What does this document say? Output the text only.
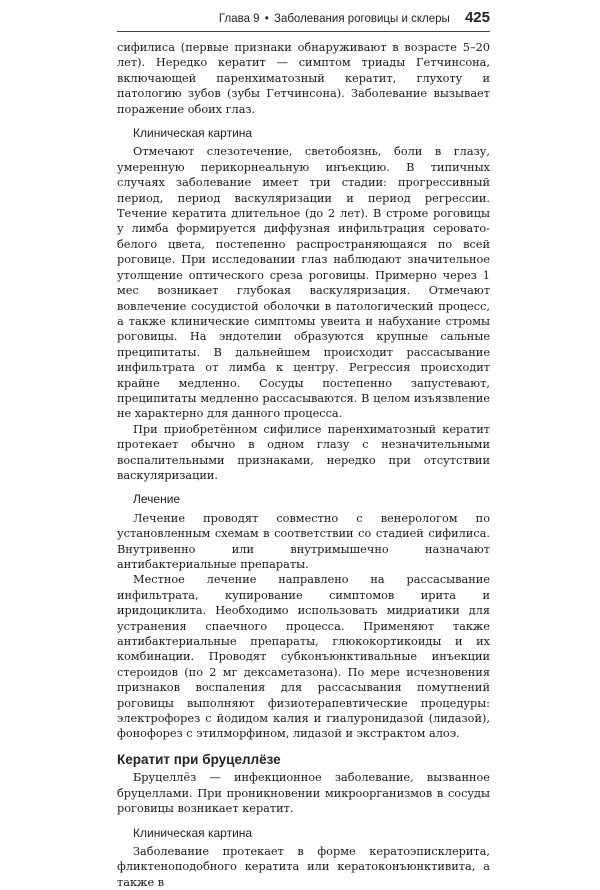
Глава 9 • Заболевания роговицы и склеры 425

сифилиса (первые признаки обнаруживают в возрасте 5–20 лет). Нередко кератит — симптом триады Гетчинсона, включающей паренхиматозный кератит, глухоту и патологию зубов (зубы Гетчинсона). Заболевание вызывает поражение обоих глаз.

Клиническая картина

Отмечают слезотечение, светобоязнь, боли в глазу, умеренную перикорнеальную инъекцию. В типичных случаях заболевание имеет три стадии: прогрессивный период, период васкуляризации и период регрессии. Течение кератита длительное (до 2 лет). В строме роговицы у лимба формируется диффузная инфильтрация серовато-белого цвета, постепенно распространяющаяся по всей роговице. При исследовании глаз наблюдают значительное утолщение оптического среза роговицы. Примерно через 1 мес возникает глубокая васкуляризация. Отмечают вовлечение сосудистой оболочки в патологический процесс, а также клинические симптомы увеита и набухание стромы роговицы. На эндотелии образуются крупные сальные преципитаты. В дальнейшем происходит рассасывание инфильтрата от лимба к центру. Регрессия происходит крайне медленно. Сосуды постепенно запустевают, преципитаты медленно рассасываются. В целом изъязвление не характерно для данного процесса.

При приобретённом сифилисе паренхиматозный кератит протекает обычно в одном глазу с незначительными воспалительными признаками, нередко при отсутствии васкуляризации.

Лечение

Лечение проводят совместно с венерологом по установленным схемам в соответствии со стадией сифилиса. Внутривенно или внутримышечно назначают антибактериальные препараты.

Местное лечение направлено на рассасывание инфильтрата, купирование симптомов ирита и иридоциклита. Необходимо использовать мидриатики для устранения спаечного процесса. Применяют также антибактериальные препараты, глюкокортикоиды и их комбинации. Проводят субконъюнктивальные инъекции стероидов (по 2 мг дексаметазона). По мере исчезновения признаков воспаления для рассасывания помутнений роговицы выполняют физиотерапевтические процедуры: электрофорез с йодидом калия и гиалуронидазой (лидазой), фонофорез с этилморфином, лидазой и экстрактом алоэ.

Кератит при бруцеллёзе

Бруцеллёз — инфекционное заболевание, вызванное бруцеллами. При проникновении микроорганизмов в сосуды роговицы возникает кератит.

Клиническая картина

Заболевание протекает в форме кератоэписклерита, фликтеноподобного кератита или кератоконъюнктивита, а также в
